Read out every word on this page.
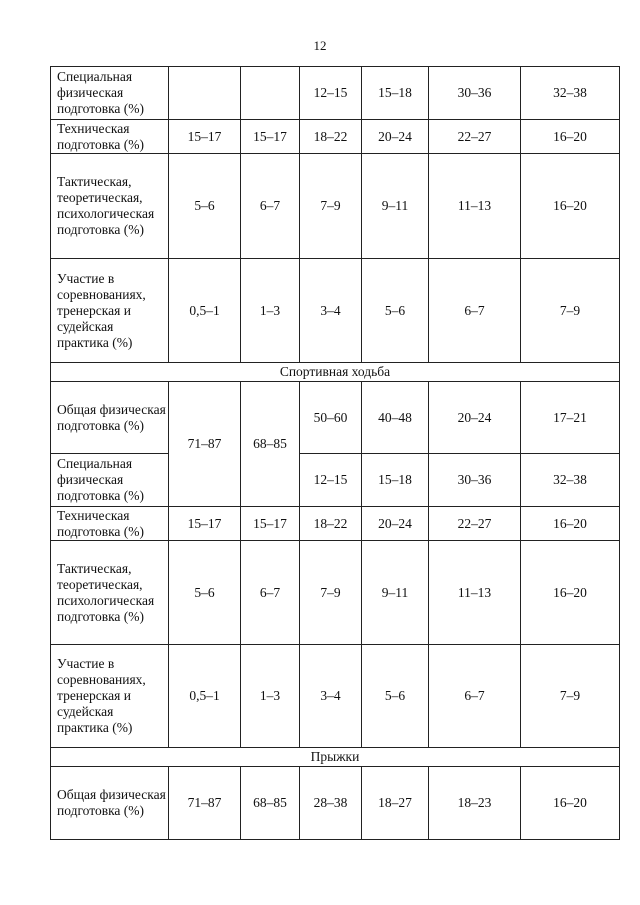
12
Специальная физическая подготовка (%)			12–15	15–18	30–36	32–38
Техническая подготовка (%)	15–17	15–17	18–22	20–24	22–27	16–20
Тактическая, теоретическая, психологическая подготовка (%)	5–6	6–7	7–9	9–11	11–13	16–20
Участие в соревнованиях, тренерская и судейская практика (%)	0,5–1	1–3	3–4	5–6	6–7	7–9
Спортивная ходьба						
Общая физическая подготовка (%)	71–87	68–85	50–60	40–48	20–24	17–21
Специальная физическая подготовка (%)			12–15	15–18	30–36	32–38
Техническая подготовка (%)	15–17	15–17	18–22	20–24	22–27	16–20
Тактическая, теоретическая, психологическая подготовка (%)	5–6	6–7	7–9	9–11	11–13	16–20
Участие в соревнованиях, тренерская и судейская практика (%)	0,5–1	1–3	3–4	5–6	6–7	7–9
Прыжки						
Общая физическая подготовка (%)	71–87	68–85	28–38	18–27	18–23	16–20
